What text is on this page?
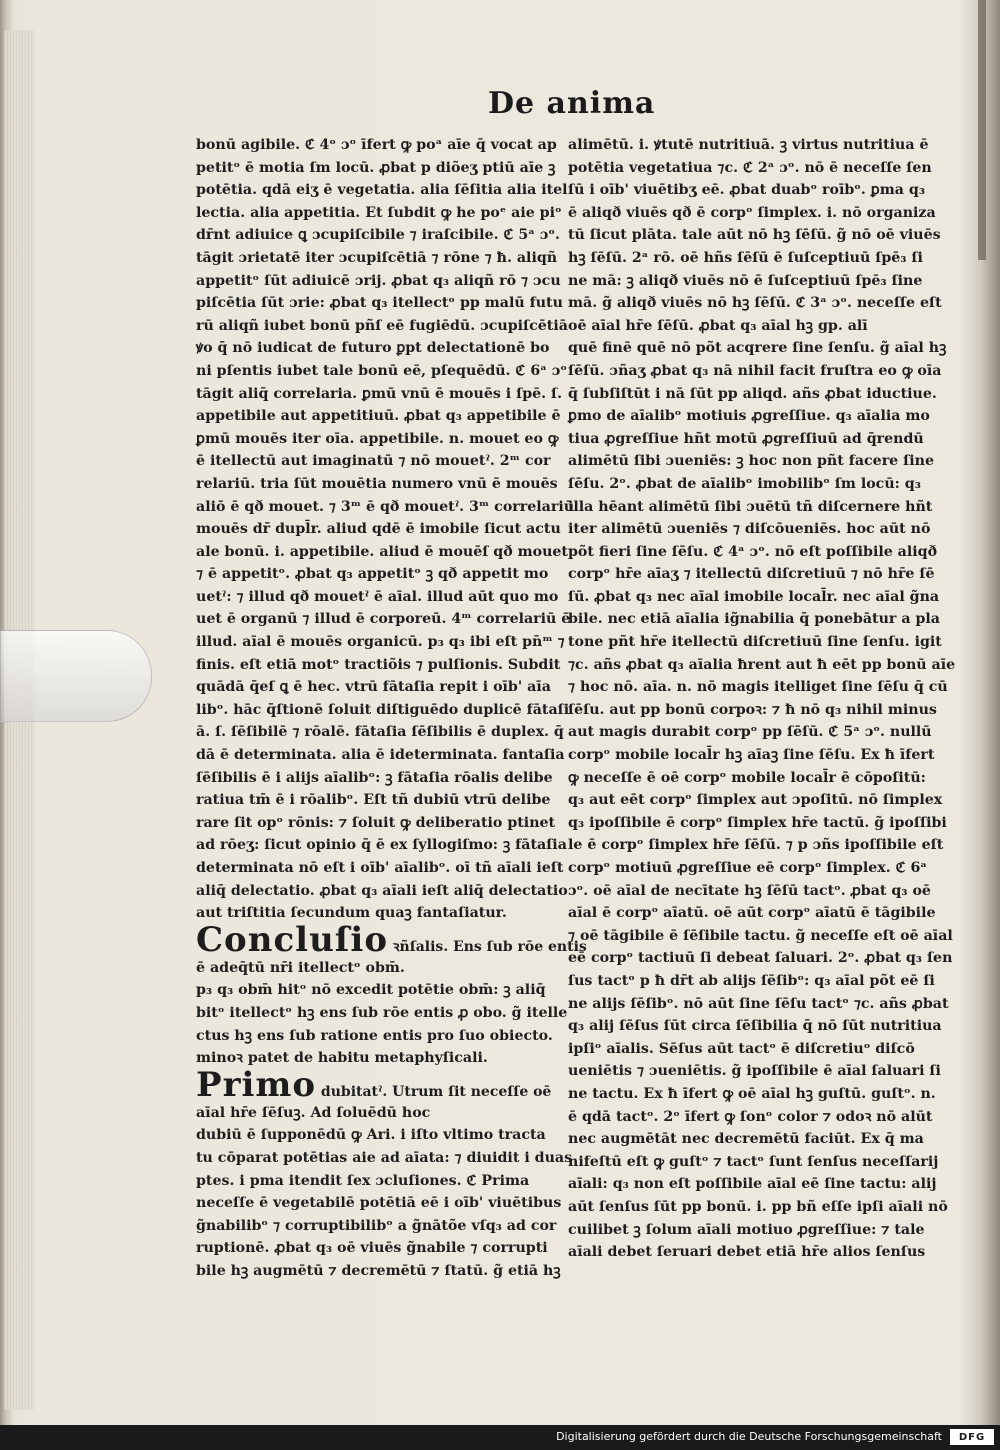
De anima
bonū agibile. ℭ 4ᵒ ɔᵒ īfert ꝙ poᵃ aīe q̄ vocat ap
petitᵒ ē motia ſm locū. ꝓbat p diõeʒ ptiū aīe ꝫ
potētia. qdā eiʒ ē vegetatia. alia ſēſitia alia itel
lectia. alia appetitia. Et ſubdit ꝙ he poᵉ aie piᵒ
dr̄nt adiuice ꝗ ɔcupiſcibile ⁊ iraſcibile. ℭ 5ᵃ ɔᵒ.
tāgit ɔrietatē iter ɔcupiſcētiā ⁊ rōne ⁊ ħ. aliqñ
appetitᵒ ſūt adiuicē ɔrij. ꝓbat q₃ aliqñ rō ⁊ ɔcu
piſcētia ſūt ɔrie: ꝓbat q₃ itellectᵒ pp malū futu
rū aliqñ iubet bonū pñſ eē fugiēdū. ɔcupiſcētiā
ꝟo q̄ nō iudicat de futuro ꝑpt delectationē bo
ni pſentis iubet tale bonū eē, pſequēdū. ℭ 6ᵃ ɔᵒ
tāgit aliq̄ correlaria. ꝑmū vnū ē mouēs i ſpē. ſ.
appetibile aut appetitiuū. ꝓbat q₃ appetibile ē
ꝑmū mouēs iter oīa. appetibile. n. mouet eo ꝙ
ē itellectū aut imaginatū ⁊ nō mouetˀ. 2ᵐ cor
relariū. tria ſūt mouētia numero vnū ē mouēs
aliō ē qð mouet. ⁊ 3ᵐ ē qð mouetˀ. 3ᵐ correlariū
mouēs dr̄ dupl̄r. aliud qdē ē imobile ſicut actu
ale bonū. i. appetibile. aliud ē mouēſ qð mouet
⁊ ē appetitᵒ. ꝓbat q₃ appetitᵒ ꝫ qð appetit mo
uetˀ: ⁊ illud qð mouetˀ ē aīal. illud aūt quo mo
uet ē organū ⁊ illud ē corporeū. 4ᵐ correlariū ē
illud. aīal ē mouēs organicū. p₃ q₃ ibi eſt pn̄ᵐ ⁊
finis. eſt etiā motᵒ tractiõis ⁊ pulſionis. Subdit
quādā q̄eſ ꝗ ē hec. vtrū fātaſia repit i oīb' aīa
libᵒ. hāc q̄ſtionē ſoluit diſtiguēdo duplicē fātaſi
ā. ſ. ſēſibilē ⁊ rōalē. fātaſia ſēſibilis ē duplex. q̄
dā ē determinata. alia ē ideterminata. fantaſia
ſēſibilis ē i alijs aīalibᵒ: ꝫ fātaſia rōalis delibe
ratiua tm̄ ē i rōalibᵒ. Eſt tñ dubiū vtrū delibe
rare ſit opᵒ rōnis: ⁊ ſoluit ꝙ deliberatio ptinet
ad rōeʒ: ſicut opinio q̄ ē ex ſyllogiſmo: ꝫ fātaſia
determinata nō eſt i oīb' aīalibᵒ. oī tñ aīali ieſt
aliq̄ delectatio. ꝓbat q₃ aīali ieſt aliq̄ delectatio
aut triſtitia ſecundum quaꝫ fantaſiatur.
Concluſio ꝛñſalis. Ens ſub rōe entis
ē adeq̄tū nr̄i itellectᵒ obm̄.
p₃ q₃ obm̄ hitᵒ nō excedit potētie obm̄: ꝫ aliq̄
bitᵒ itellectᵒ hꝫ ens ſub rōe entis ꝓ obo. g̃ itelle
ctus hꝫ ens ſub ratione entis pro ſuo obiecto.
minoꝛ patet de habitu metaphyſicali.
Primo dubitatˀ. Utrum ſit neceſſe oē
aīal hr̄e ſēſuꝫ. Ad ſoluēdū hoc
dubiū ē ſupponēdū ꝙ Ari. i iſto vltimo tracta
tu cōparat potētias aie ad aīata: ⁊ diuidit i duas
ptes. i pma itendit ſex ɔcluſiones. ℭ Prima
neceſſe ē vegetabilē potētiā eē i oīb' viuētibus
g̃nabilibᵒ ⁊ corruptibilibᵒ a g̃nātõe vſq₃ ad cor
ruptionē. ꝓbat q₃ oē viuēs g̃nabile ⁊ corrupti
bile hꝫ augmētū ⁊ decremētū ⁊ ſtatū. g̃ etiā hꝫ
alimētū. i. ꝟtutē nutritiuā. ꝫ virtus nutritiua ē
potētia vegetatiua ⁊c. ℭ 2ᵃ ɔᵒ. nō ē neceſſe ſen
ſū i oīb' viuētibʒ eē. ꝓbat duabᵒ roībᵒ. ꝑma q₃
ē aliqð viuēs qð ē corpᵒ ſimplex. i. nō organiza
tū ſicut plāta. tale aūt nō hꝫ ſēſū. g̃ nō oē viuēs
hꝫ ſēſū. 2ᵃ rō. oē hñs ſēſū ē ſuſceptiuū ſpē₃ ſi
ne mā: ꝫ aliqð viuēs nō ē ſuſceptiuū ſpē₃ ſine
mā. g̃ aliqð viuēs nō hꝫ ſēſū. ℭ 3ᵃ ɔᵒ. neceſſe eſt
oē aīal hr̄e ſēſū. ꝓbat q₃ aīal hꝫ gp. alī
quē finē quē nō põt acqrere ſine ſenſu. g̃ aīal hꝫ
ſēſū. ɔñaʒ ꝓbat q₃ nā nihil facit fruſtra eo ꝙ oīa
q̄ ſubſiſtūt i nā ſūt pp aliqd. añs ꝓbat iductiue.
ꝑmo de aīalibᵒ motiuis ꝓgreſſiue. q₃ aīalia mo
tiua ꝓgreſſiue hñt motū ꝓgreſſiuū ad q̄rendū
alimētū ſibi ɔueniēs: ꝫ hoc non pñt facere ſine
ſēſu. 2ᵒ. ꝓbat de aīalibᵒ imobilibᵒ ſm locū: q₃
illa hēant alimētū ſibi ɔuētū tñ diſcernere hñt
iter alimētū ɔueniēs ⁊ diſcōueniēs. hoc aūt nō
põt fieri ſine ſēſu. ℭ 4ᵃ ɔᵒ. nō eſt poſſibile aliqð
corpᵒ hr̄e aīaʒ ⁊ itellectū diſcretiuū ⁊ nō hr̄e ſē
ſū. ꝓbat q₃ nec aīal imobile local̄r. nec aīal g̃na
bile. nec etiā aīalia ig̃nabilia q̄ ponebātur a pla
tone pñt hr̄e itellectū diſcretiuū ſine ſenſu. igit
⁊c. añs ꝓbat q₃ aīalia ħrent aut ħ eēt pp bonū aīe
⁊ hoc nō. aīa. n. nō magis itelliget ſine ſēſu q̄ cū
ſēſu. aut pp bonū corpoꝛ: ⁊ ħ nō q₃ nihil minus
aut magis durabit corpᵒ pp ſēſū. ℭ 5ᵃ ɔᵒ. nullū
corpᵒ mobile local̄r hꝫ aīaꝫ ſine ſēſu. Ex ħ īfert
ꝙ neceſſe ē oē corpᵒ mobile local̄r ē cōpoſitū:
q₃ aut eēt corpᵒ ſimplex aut ɔpoſitū. nō ſimplex
q₃ ipoſſibile ē corpᵒ ſimplex hr̄e tactū. g̃ ipoſſibi
le ē corpᵒ ſimplex hr̄e ſēſū. ⁊ p ɔñs ipoſſibile eſt
corpᵒ motiuū ꝓgreſſiue eē corpᵒ ſimplex. ℭ 6ᵃ
ɔᵒ. oē aīal de necītate hꝫ ſēſū tactᵒ. ꝓbat q₃ oē
aīal ē corpᵒ aīatū. oē aūt corpᵒ aīatū ē tāgibile
⁊ oē tāgibile ē ſēſibile tactu. g̃ neceſſe eſt oē aīal
eē corpᵒ tactiuū ſi debeat ſaluari. 2ᵒ. ꝓbat q₃ ſen
ſus tactᵒ p ħ dr̄t ab alijs ſēſibᵒ: q₃ aīal põt eē ſi
ne alijs ſēſibᵒ. nō aūt ſine ſēſu tactᵒ ⁊c. añs ꝓbat
q₃ alij ſēſus ſūt circa ſēſibilia q̄ nō ſūt nutritiua
ipſiᵒ aīalis. Sēſus aūt tactᵒ ē diſcretiuᵒ diſcō
ueniētis ⁊ ɔueniētis. g̃ ipoſſibile ē aīal ſaluari ſi
ne tactu. Ex ħ īfert ꝙ oē aīal hꝫ guſtū. guſtᵒ. n.
ē qdā tactᵒ. 2ᵒ īfert ꝙ ſonᵒ color ⁊ odoꝛ nō alūt
nec augmētāt nec decremētū faciūt. Ex q̄ ma
nifeſtū eſt ꝙ guſtᵒ ⁊ tactᵒ ſunt ſenſus neceſſarij
aīali: q₃ non eſt poſſibile aīal eē ſine tactu: alij
aūt ſenſus ſūt pp bonū. i. pp bñ eſſe ipſi aīali nō
cuilibet ꝫ ſolum aīali motiuo ꝓgreſſiue: ⁊ tale
aīali debet ſeruari debet etiā hr̄e alios ſenſus
Digitalisierung gefördert durch die Deutsche Forschungsgemeinschaft	DFG
